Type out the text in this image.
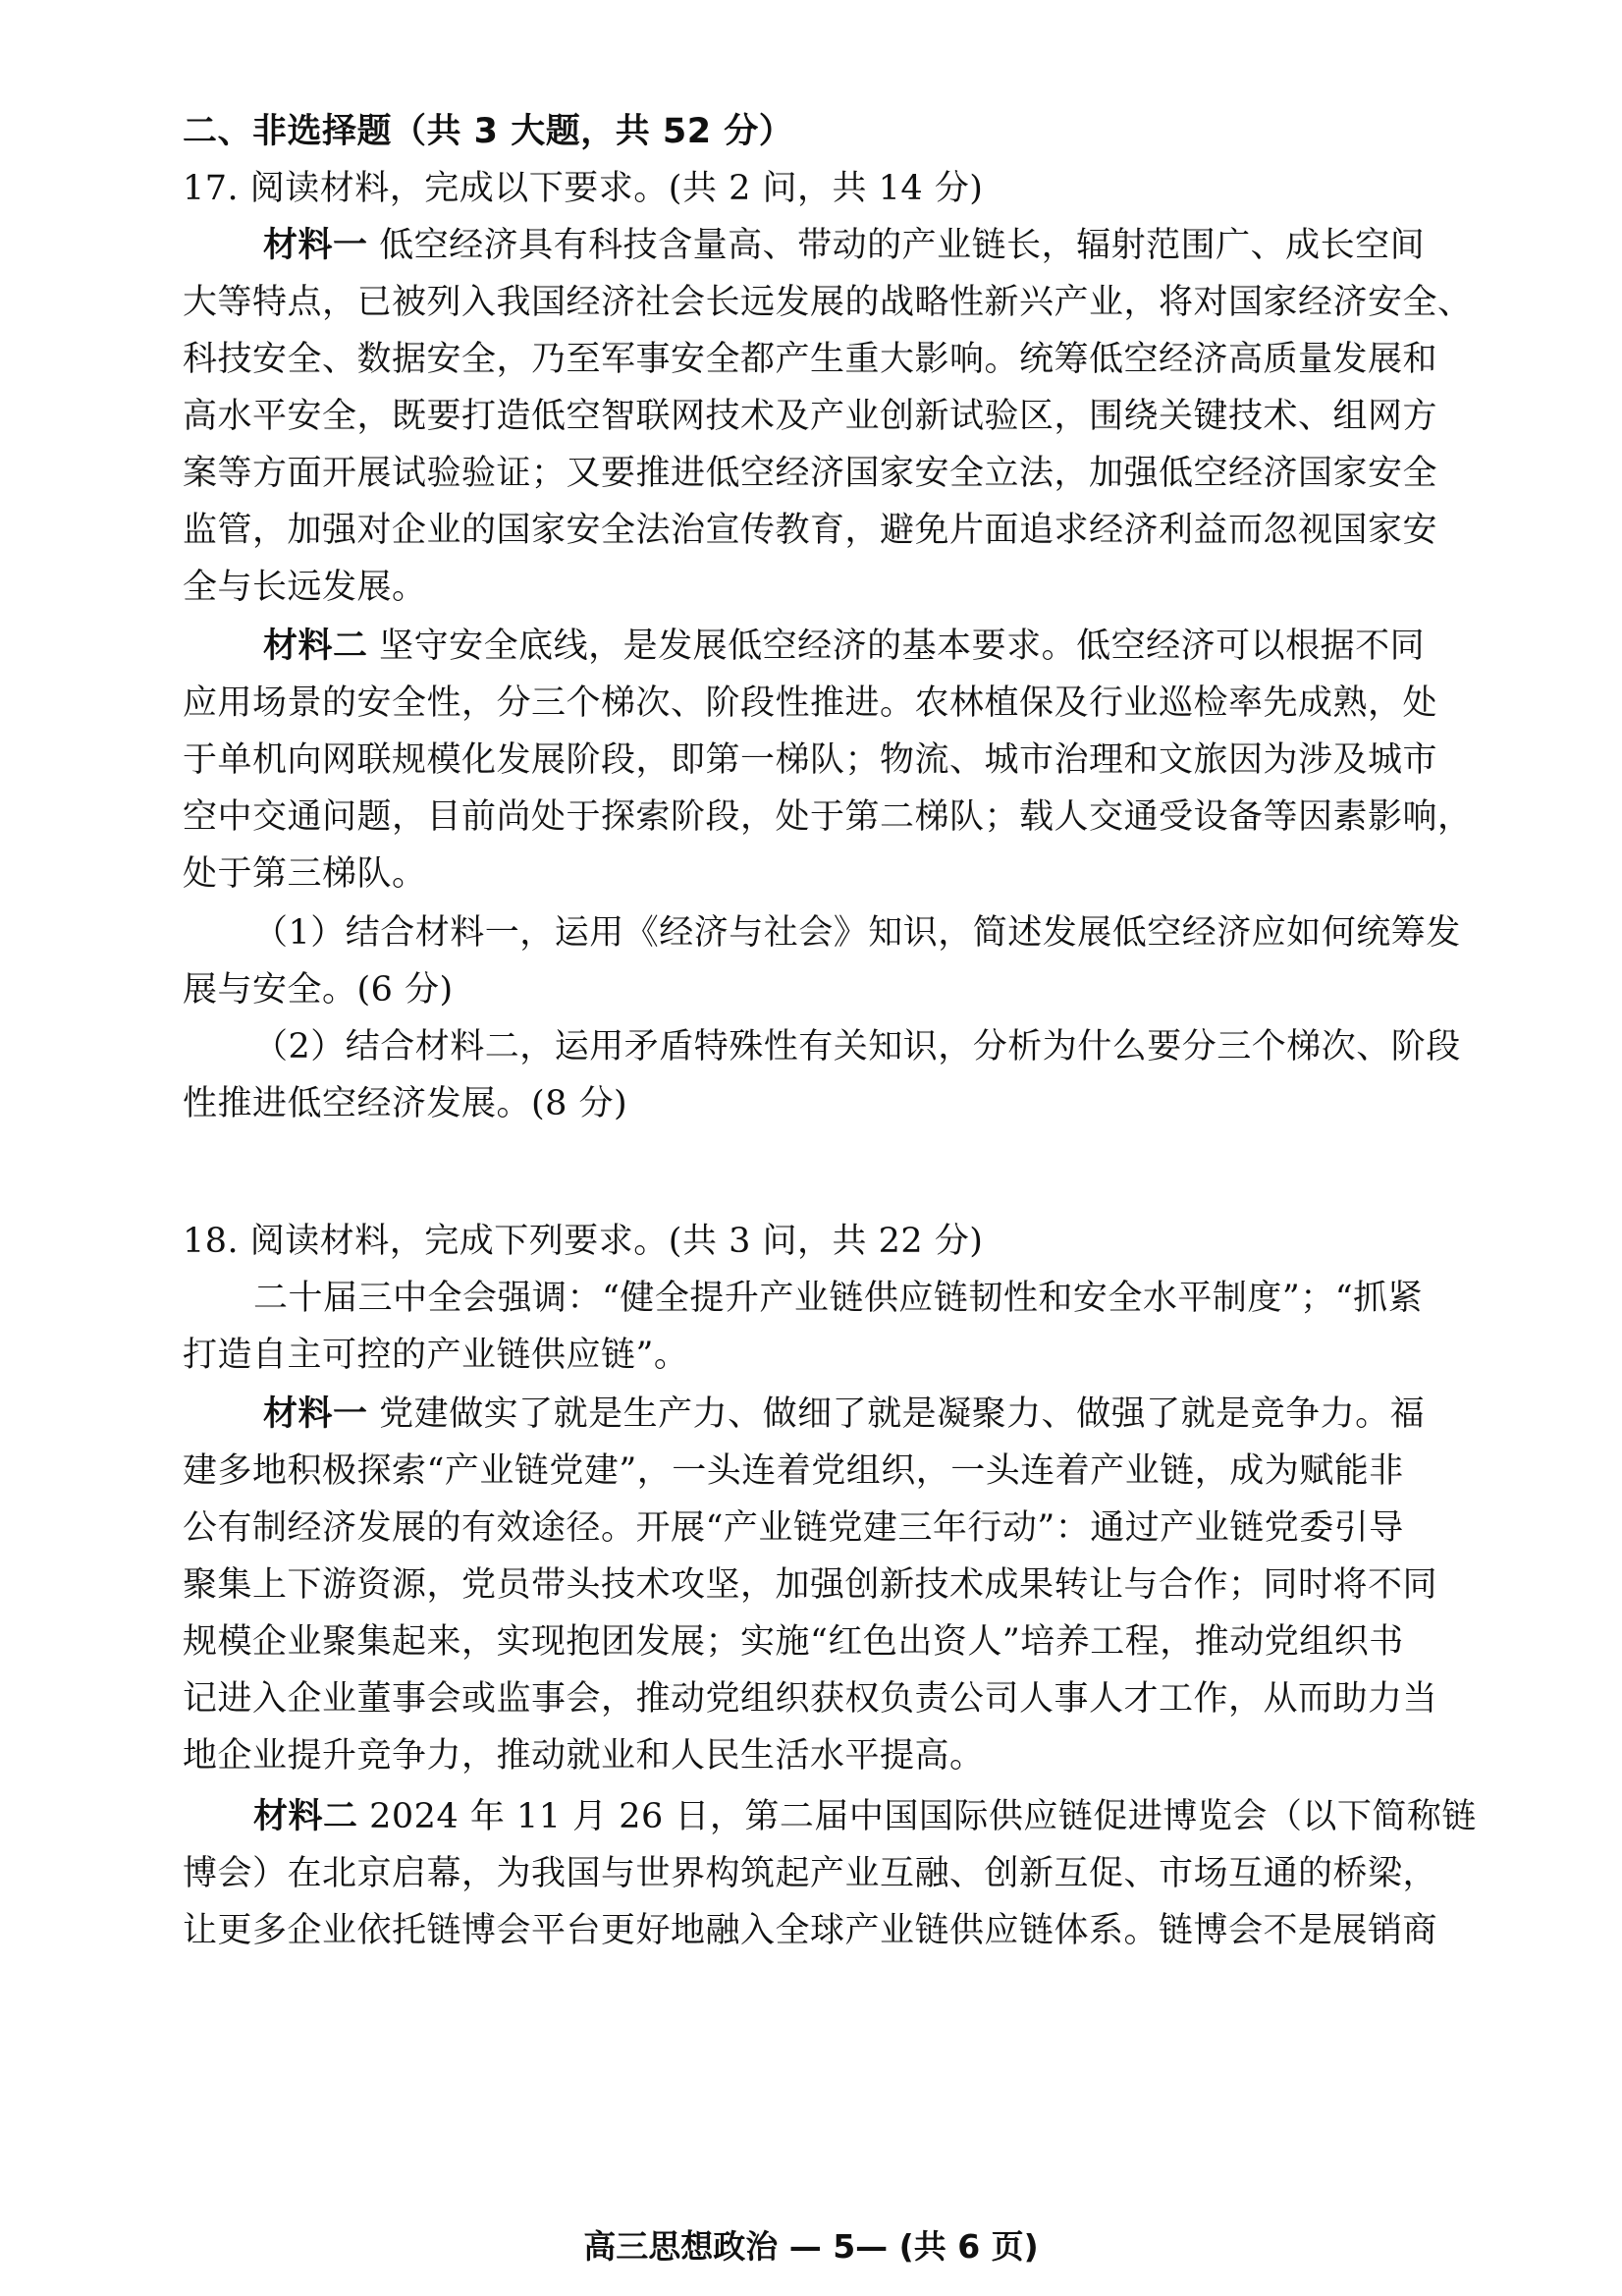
二、非选择题（共 3 大题，共 52 分）
17. 阅读材料，完成以下要求。(共 2 问，共 14 分)
材料一 低空经济具有科技含量高、带动的产业链长，辐射范围广、成长空间
大等特点，已被列入我国经济社会长远发展的战略性新兴产业，将对国家经济安全、
科技安全、数据安全，乃至军事安全都产生重大影响。统筹低空经济高质量发展和
高水平安全，既要打造低空智联网技术及产业创新试验区，围绕关键技术、组网方
案等方面开展试验验证；又要推进低空经济国家安全立法，加强低空经济国家安全
监管，加强对企业的国家安全法治宣传教育，避免片面追求经济利益而忽视国家安
全与长远发展。
材料二 坚守安全底线，是发展低空经济的基本要求。低空经济可以根据不同
应用场景的安全性，分三个梯次、阶段性推进。农林植保及行业巡检率先成熟，处
于单机向网联规模化发展阶段，即第一梯队；物流、城市治理和文旅因为涉及城市
空中交通问题，目前尚处于探索阶段，处于第二梯队；载人交通受设备等因素影响，
处于第三梯队。
（1）结合材料一，运用《经济与社会》知识，简述发展低空经济应如何统筹发
展与安全。(6 分)
（2）结合材料二，运用矛盾特殊性有关知识，分析为什么要分三个梯次、阶段
性推进低空经济发展。(8 分)
18. 阅读材料，完成下列要求。(共 3 问，共 22 分)
二十届三中全会强调：“健全提升产业链供应链韧性和安全水平制度”；“抓紧
打造自主可控的产业链供应链”。
材料一 党建做实了就是生产力、做细了就是凝聚力、做强了就是竞争力。福
建多地积极探索“产业链党建”，一头连着党组织，一头连着产业链，成为赋能非
公有制经济发展的有效途径。开展“产业链党建三年行动”：通过产业链党委引导
聚集上下游资源，党员带头技术攻坚，加强创新技术成果转让与合作；同时将不同
规模企业聚集起来，实现抱团发展；实施“红色出资人”培养工程，推动党组织书
记进入企业董事会或监事会，推动党组织获权负责公司人事人才工作，从而助力当
地企业提升竞争力，推动就业和人民生活水平提高。
材料二 2024 年 11 月 26 日，第二届中国国际供应链促进博览会（以下简称链
博会）在北京启幕，为我国与世界构筑起产业互融、创新互促、市场互通的桥梁，
让更多企业依托链博会平台更好地融入全球产业链供应链体系。链博会不是展销商
高三思想政治 — 5— (共 6 页)
